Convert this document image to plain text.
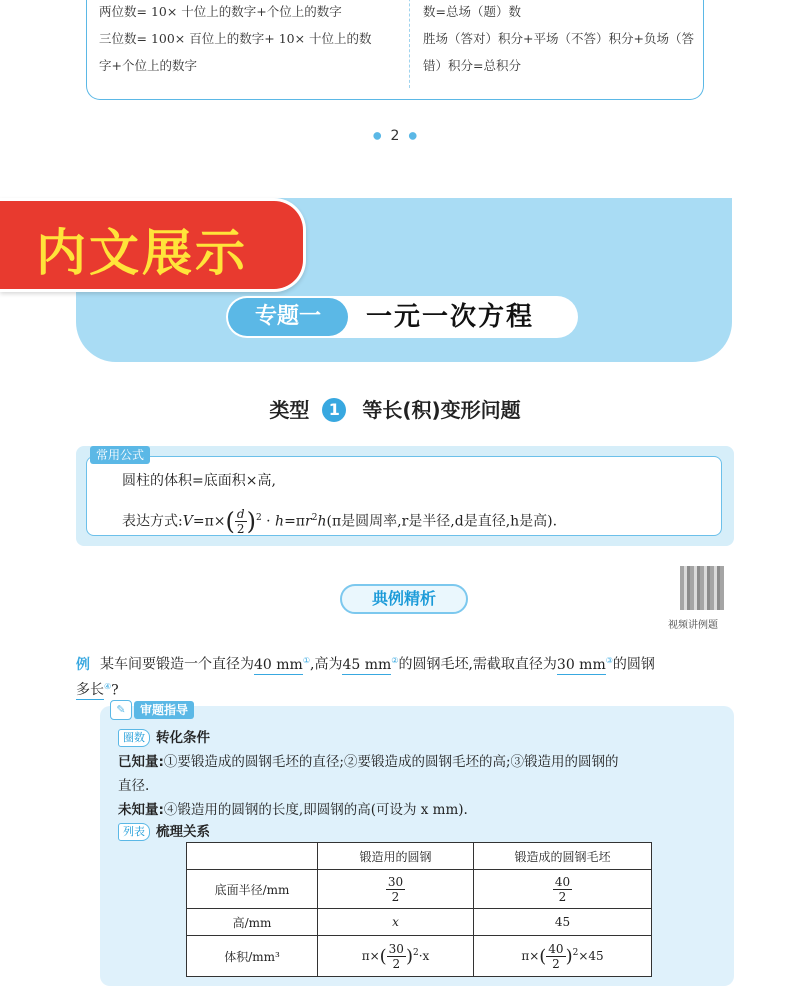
两位数= 10× 十位上的数字+个位上的数字
三位数= 100× 百位上的数字+ 10× 十位上的数
字+个位上的数字
数=总场（题）数
胜场（答对）积分+平场（不答）积分+负场（答
错）积分=总积分
● 2 ●
内文展示
专题一	一元一次方程
类型 1 等长(积)变形问题
常用公式
圆柱的体积=底面积×高,
表达方式:V=π×( $\frac{d}{2} )^2 \cdot h=\pi r^2h(\pi$是圆周率,r是半径,d是直径,h是高).
典例精析
视频讲例题
例 某车间要锻造一个直径为40 mm①,高为45 mm②的圆钢毛坯,需截取直径为30 mm③的圆钢
多长④?
✎ 审题指导
圈数 转化条件
已知量:①要锻造成的圆钢毛坯的直径;②要锻造成的圆钢毛坯的高;③锻造用的圆钢的
直径.
未知量:④锻造用的圆钢的长度,即圆钢的高(可设为 x mm).
列表 梳理关系
	锻造用的圆钢	锻造成的圆钢毛坯
底面半径/mm	$\frac{30}{2}$	$\frac{40}{2}$

高/mm	x	45
体积/mm³	$\pi\times( \frac{30}{2} )^2\cdot x$	$\pi\times( \frac{40}{2} )^2\times 45$
